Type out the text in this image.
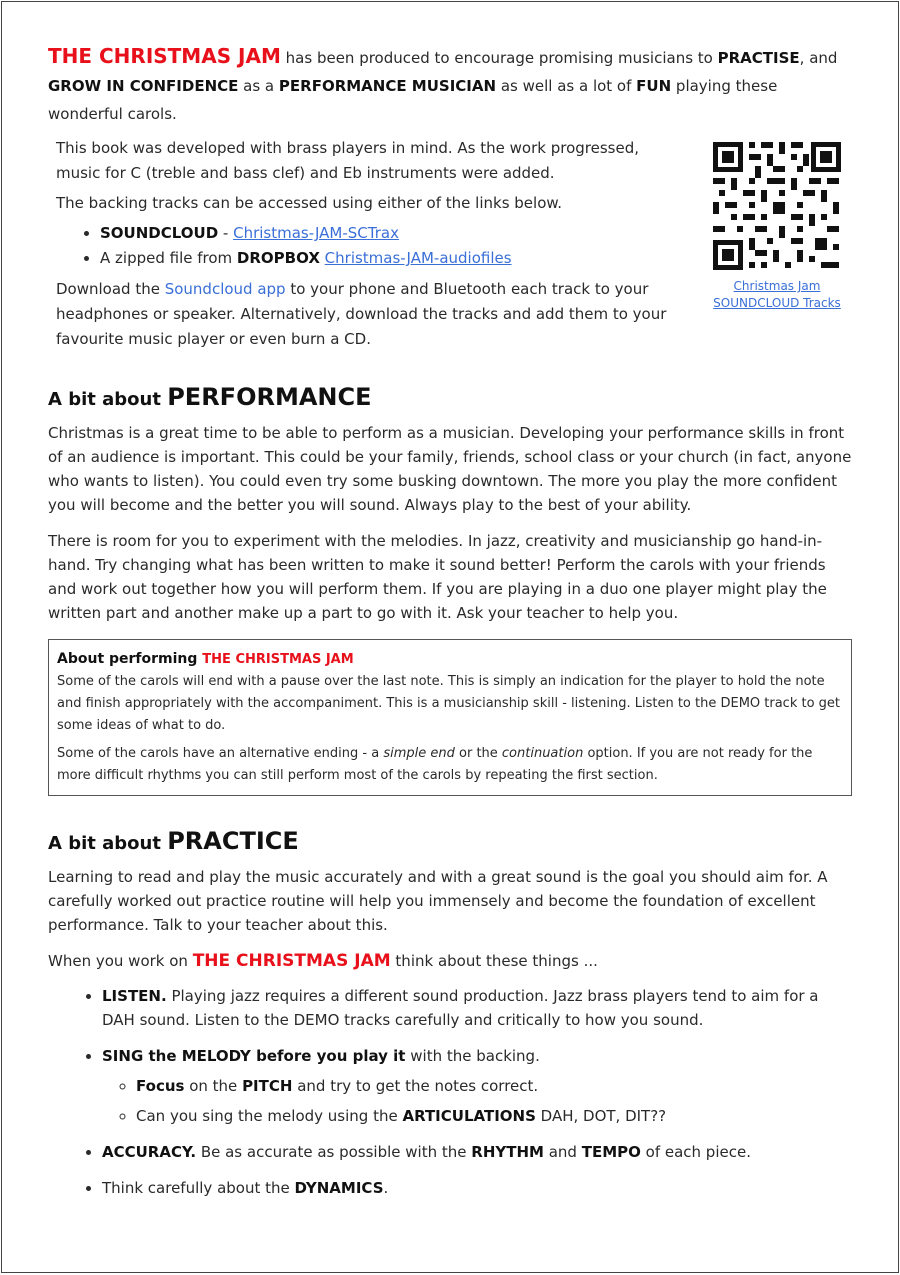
THE CHRISTMAS JAM has been produced to encourage promising musicians to PRACTISE, and GROW IN CONFIDENCE as a PERFORMANCE MUSICIAN as well as a lot of FUN playing these wonderful carols.

This book was developed with brass players in mind. As the work progressed, music for C (treble and bass clef) and Eb instruments were added.

The backing tracks can be accessed using either of the links below.

• SOUNDCLOUD - Christmas-JAM-SCTrax
• A zipped file from DROPBOX Christmas-JAM-audiofiles

Download the Soundcloud app to your phone and Bluetooth each track to your headphones or speaker. Alternatively, download the tracks and add them to your favourite music player or even burn a CD.

Christmas Jam
SOUNDCLOUD Tracks
A bit about PERFORMANCE

Christmas is a great time to be able to perform as a musician. Developing your performance skills in front of an audience is important. This could be your family, friends, school class or your church (in fact, anyone who wants to listen). You could even try some busking downtown. The more you play the more confident you will become and the better you will sound. Always play to the best of your ability.

There is room for you to experiment with the melodies. In jazz, creativity and musicianship go hand-in-hand. Try changing what has been written to make it sound better! Perform the carols with your friends and work out together how you will perform them. If you are playing in a duo one player might play the written part and another make up a part to go with it. Ask your teacher to help you.

About performing THE CHRISTMAS JAM

Some of the carols will end with a pause over the last note. This is simply an indication for the player to hold the note and finish appropriately with the accompaniment. This is a musicianship skill - listening. Listen to the DEMO track to get some ideas of what to do.

Some of the carols have an alternative ending - a simple end or the continuation option. If you are not ready for the more difficult rhythms you can still perform most of the carols by repeating the first section.

A bit about PRACTICE

Learning to read and play the music accurately and with a great sound is the goal you should aim for. A carefully worked out practice routine will help you immensely and become the foundation of excellent performance. Talk to your teacher about this.

When you work on THE CHRISTMAS JAM think about these things ...

• LISTEN. Playing jazz requires a different sound production. Jazz brass players tend to aim for a DAH sound. Listen to the DEMO tracks carefully and critically to how you sound.
• SING the MELODY before you play it with the backing.
◦ Focus on the PITCH and try to get the notes correct.
◦ Can you sing the melody using the ARTICULATIONS DAH, DOT, DIT??
• ACCURACY. Be as accurate as possible with the RHYTHM and TEMPO of each piece.
• Think carefully about the DYNAMICS.
